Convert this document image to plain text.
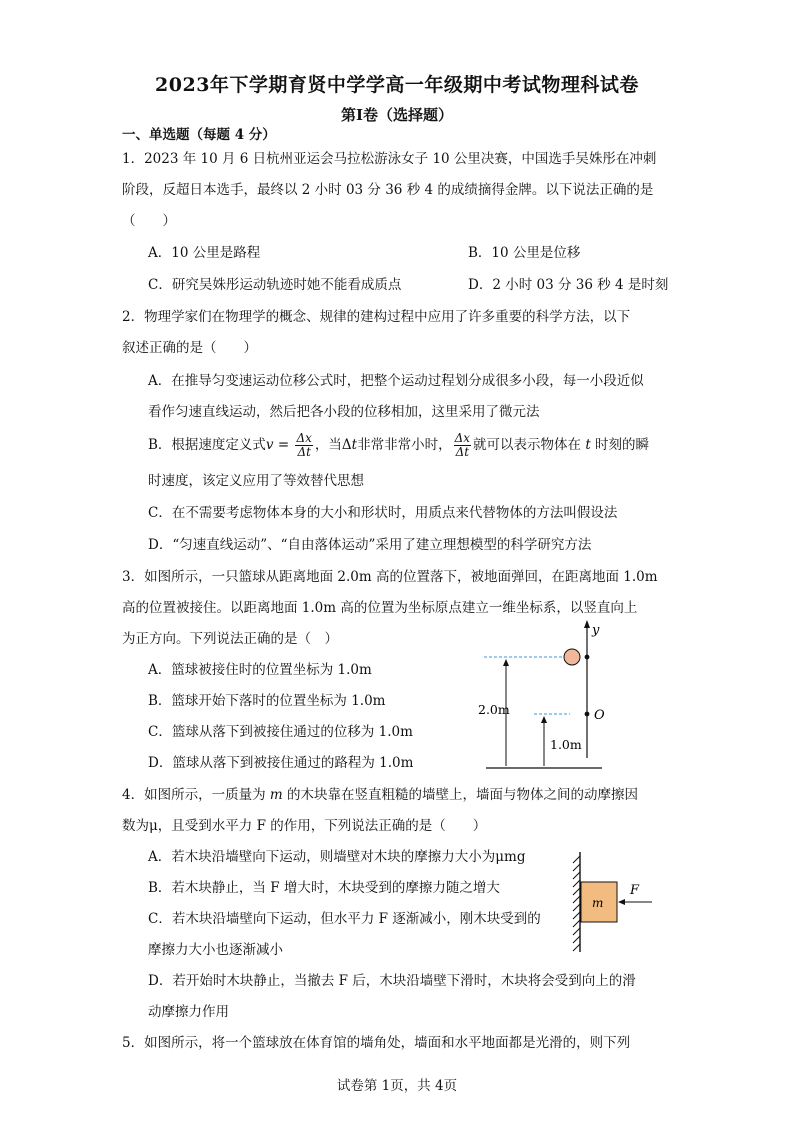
2023年下学期育贤中学学高一年级期中考试物理科试卷
第Ⅰ卷（选择题）
一、单选题（每题 4 分）
1．2023 年 10 月 6 日杭州亚运会马拉松游泳女子 10 公里决赛，中国选手吴姝彤在冲刺
阶段，反超日本选手，最终以 2 小时 03 分 36 秒 4 的成绩摘得金牌。以下说法正确的是
（　　）
A．10 公里是路程	B．10 公里是位移
C．研究吴姝彤运动轨迹时她不能看成质点	D．2 小时 03 分 36 秒 4 是时刻
2．物理学家们在物理学的概念、规律的建构过程中应用了许多重要的科学方法，以下
叙述正确的是（　　）
A．在推导匀变速运动位移公式时，把整个运动过程划分成很多小段，每一小段近似
看作匀速直线运动，然后把各小段的位移相加，这里采用了微元法
B．根据速度定义式$v = \frac{\Delta x}{\Delta t}$ ，当Δt非常非常小时， $\frac{\Delta x}{\Delta t}$ 就可以表示物体在 t 时刻的瞬
时速度，该定义应用了等效替代思想
C．在不需要考虑物体本身的大小和形状时，用质点来代替物体的方法叫假设法
D．“匀速直线运动”、“自由落体运动”采用了建立理想模型的科学研究方法
3．如图所示，一只篮球从距离地面 2.0m 高的位置落下，被地面弹回，在距离地面 1.0m
高的位置被接住。以距离地面 1.0m 高的位置为坐标原点建立一维坐标系，以竖直向上
为正方向。下列说法正确的是（　）
A．篮球被接住时的位置坐标为 1.0m
B．篮球开始下落时的位置坐标为 1.0m
C．篮球从落下到被接住通过的位移为 1.0m
D．篮球从落下到被接住通过的路程为 1.0m
y
O
2.0m
1.0m
4．如图所示，一质量为 m 的木块靠在竖直粗糙的墙壁上，墙面与物体之间的动摩擦因
数为μ，且受到水平力 F 的作用，下列说法正确的是（　　）
A．若木块沿墙壁向下运动，则墙壁对木块的摩擦力大小为μmg
B．若木块静止，当 F 增大时，木块受到的摩擦力随之增大
C．若木块沿墙壁向下运动，但水平力 F 逐渐减小，刚木块受到的
摩擦力大小也逐渐减小
D．若开始时木块静止，当撤去 F 后，木块沿墙壁下滑时，木块将会受到向上的滑
动摩擦力作用
m
F
5．如图所示，将一个篮球放在体育馆的墙角处，墙面和水平地面都是光滑的，则下列
试卷第 1页，共 4页
